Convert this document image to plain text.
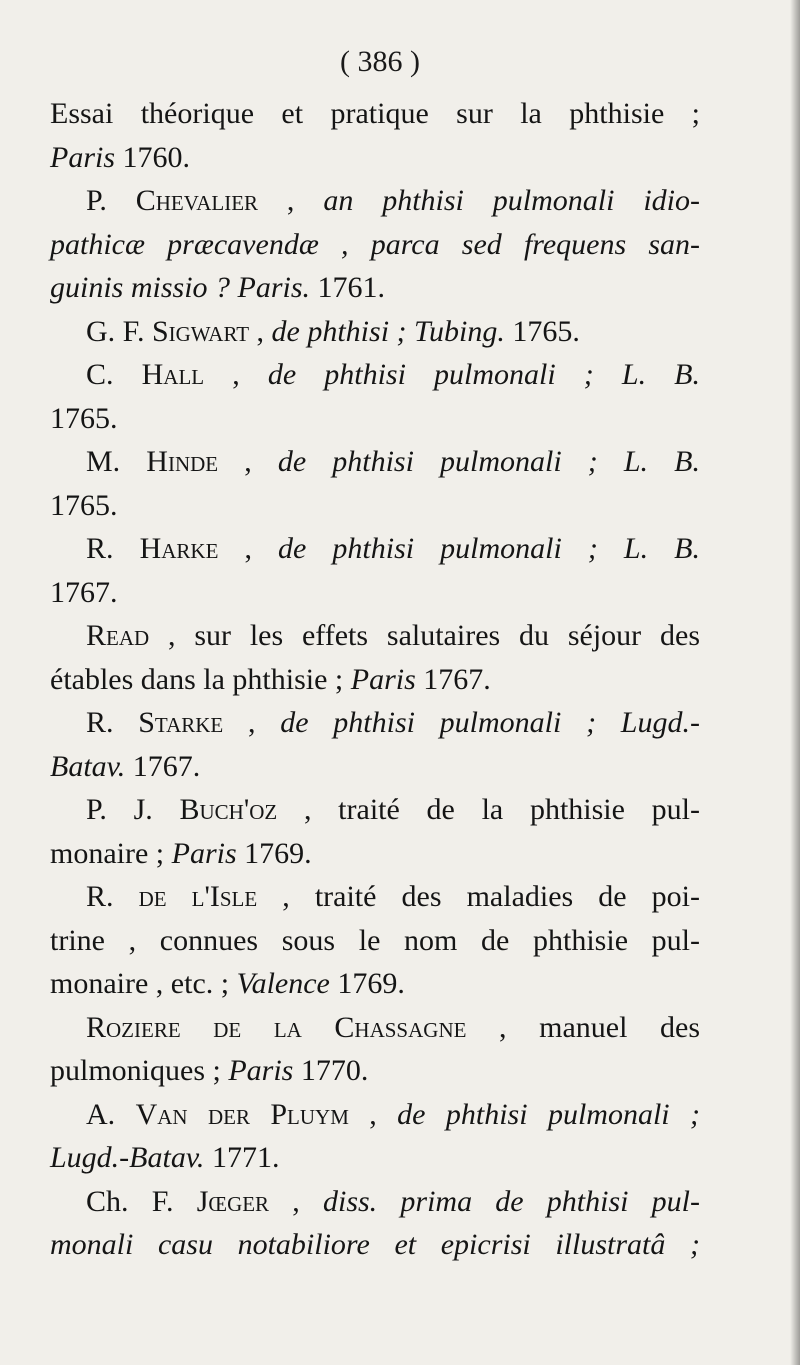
( 386 )
Essai théorique et pratique sur la phthisie ;
Paris 1760.
P. Chevalier , an phthisi pulmonali idio-
pathicæ præcavendæ , parca sed frequens san-
guinis missio ? Paris. 1761.
G. F. Sigwart , de phthisi ; Tubing. 1765.
C. Hall , de phthisi pulmonali ; L. B.
1765.
M. Hinde , de phthisi pulmonali ; L. B.
1765.
R. Harke , de phthisi pulmonali ; L. B.
1767.
Read , sur les effets salutaires du séjour des
étables dans la phthisie ; Paris 1767.
R. Starke , de phthisi pulmonali ; Lugd.-
Batav. 1767.
P. J. Buch'oz , traité de la phthisie pul-
monaire ; Paris 1769.
R. de l'Isle , traité des maladies de poi-
trine , connues sous le nom de phthisie pul-
monaire , etc. ; Valence 1769.
Roziere de la Chassagne , manuel des
pulmoniques ; Paris 1770.
A. Van der Pluym , de phthisi pulmonali ;
Lugd.-Batav. 1771.
Ch. F. Jœger , diss. prima de phthisi pul-
monali casu notabiliore et epicrisi illustratâ ;
